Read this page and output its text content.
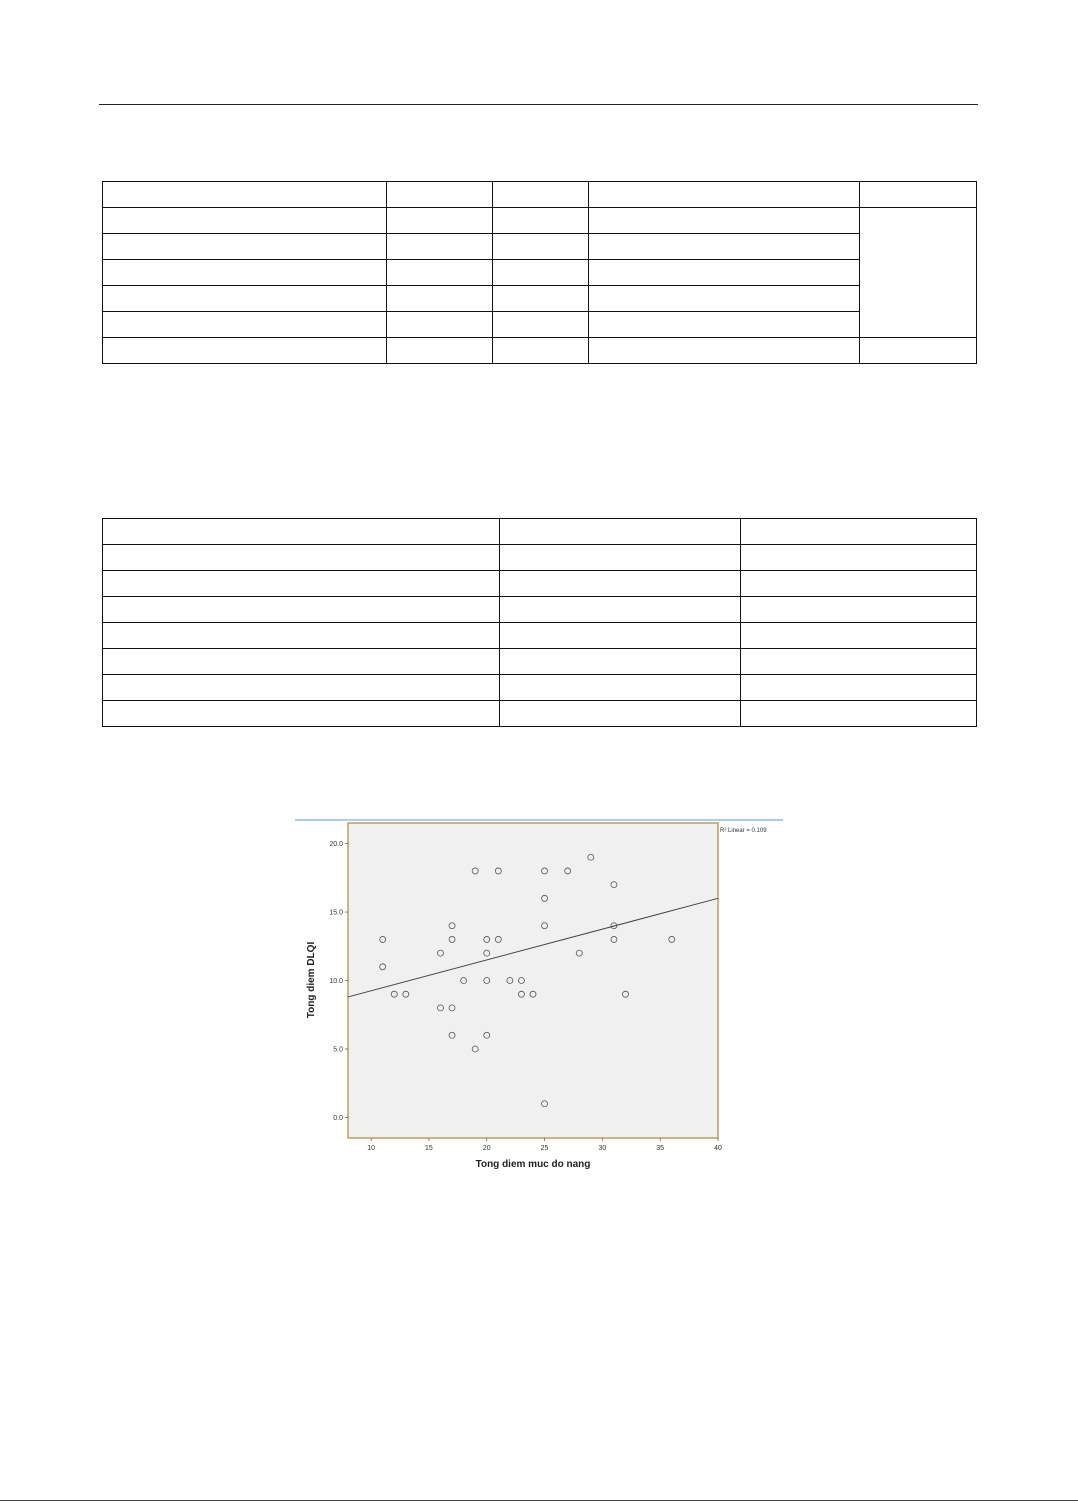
10	15	20	25	30	35	40
0.0
5.0
10.0
15.0
20.0
R² Linear = 0.109
Tong diem muc do nang
Tong diem DLQI
